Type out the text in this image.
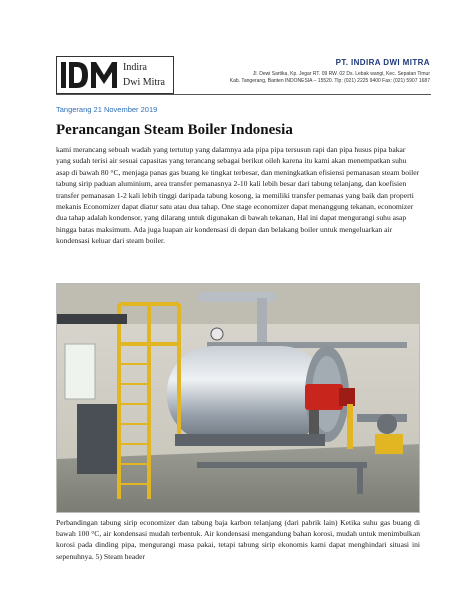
Indira
Dwi Mitra
PT. INDIRA DWI MITRA
Jl. Dewi Sartika, Kp. Jegar RT. 09 RW. 02 Ds. Lebak wangi, Kec. Sepatan Timur
Kab. Tangerang, Banten INDONESIA – 15520. Tlp: (021) 2225 9400 Fax: (021) 5907 1687
Tangerang 21 November 2019
Perancangan Steam Boiler Indonesia
kami merancang sebuah wadah yang tertutup yang dalamnya ada pipa pipa tersusun rapi dan pipa husus pipa bakar yang sudah terisi air sesuai capasitas yang terancang sebagai berikut oileh karena itu kami akan menempatkan suhu asap di bawah 80 °C, menjaga panas gas buang ke tingkat terbesar, dan meningkatkan efisiensi pemanasan steam boiler tabung sirip paduan aluminium, area transfer pemanasnya 2-10 kali lebih besar dari tabung telanjang, dan koefisien transfer pemanasan 1-2 kali lebih tinggi daripada tabung kosong, ia memiliki transfer pemanas yang baik dan properti mekanis Economizer dapat diatur satu atau dua tahap. One stage economizer dapat menanggung tekanan, economizer dua tahap adalah kondensor, yang dilarang untuk digunakan di bawah tekanan, Hal ini dapat mengurangi suhu asap hingga batas maksimum. Ada juga luapan air kondensasi di depan dan belakang boiler untuk mengeluarkan air kondensasi keluar dari steam boiler.
Perbandingan tabung sirip economizer dan tabung baja karbon telanjang (dari pabrik lain) Ketika suhu gas buang di bawah 100 °C, air kondensasi mudah terbentuk. Air kondensasi mengandung bahan korosi, mudah untuk menimbulkan korosi pada dinding pipa, mengurangi masa pakai, tetapi tabung sirip ekonomis kami dapat menghindari situasi ini sepenuhnya. 5) Steam header
